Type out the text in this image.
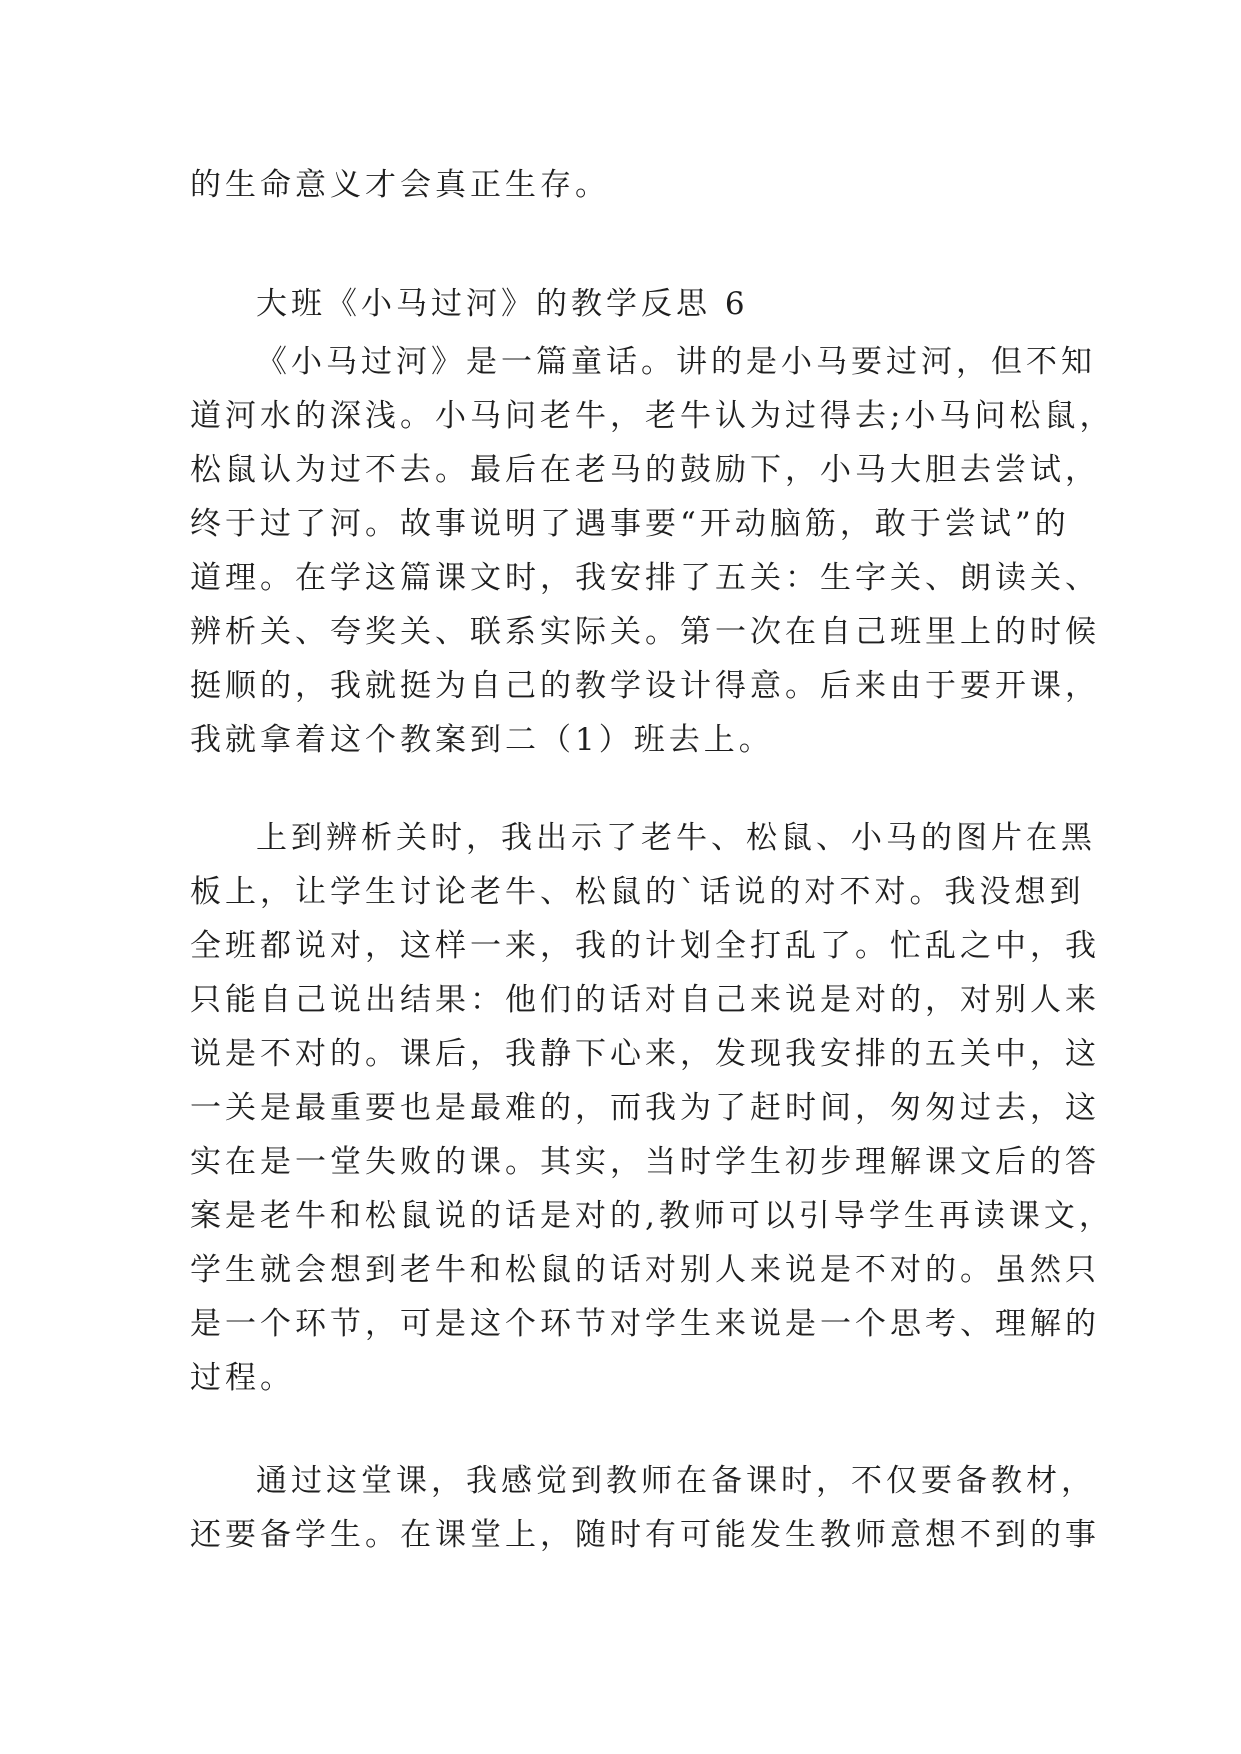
的生命意义才会真正生存。
大班《小马过河》的教学反思 6
《小马过河》是一篇童话。讲的是小马要过河，但不知
道河水的深浅。小马问老牛，老牛认为过得去;小马问松鼠，
松鼠认为过不去。最后在老马的鼓励下，小马大胆去尝试，
终于过了河。故事说明了遇事要“开动脑筋，敢于尝试”的
道理。在学这篇课文时，我安排了五关：生字关、朗读关、
辨析关、夸奖关、联系实际关。第一次在自己班里上的时候
挺顺的，我就挺为自己的教学设计得意。后来由于要开课，
我就拿着这个教案到二（1）班去上。
上到辨析关时，我出示了老牛、松鼠、小马的图片在黑
板上，让学生讨论老牛、松鼠的`话说的对不对。我没想到
全班都说对，这样一来，我的计划全打乱了。忙乱之中，我
只能自己说出结果：他们的话对自己来说是对的，对别人来
说是不对的。课后，我静下心来，发现我安排的五关中，这
一关是最重要也是最难的，而我为了赶时间，匆匆过去，这
实在是一堂失败的课。其实，当时学生初步理解课文后的答
案是老牛和松鼠说的话是对的,教师可以引导学生再读课文，
学生就会想到老牛和松鼠的话对别人来说是不对的。虽然只
是一个环节，可是这个环节对学生来说是一个思考、理解的
过程。
通过这堂课，我感觉到教师在备课时，不仅要备教材，
还要备学生。在课堂上，随时有可能发生教师意想不到的事
